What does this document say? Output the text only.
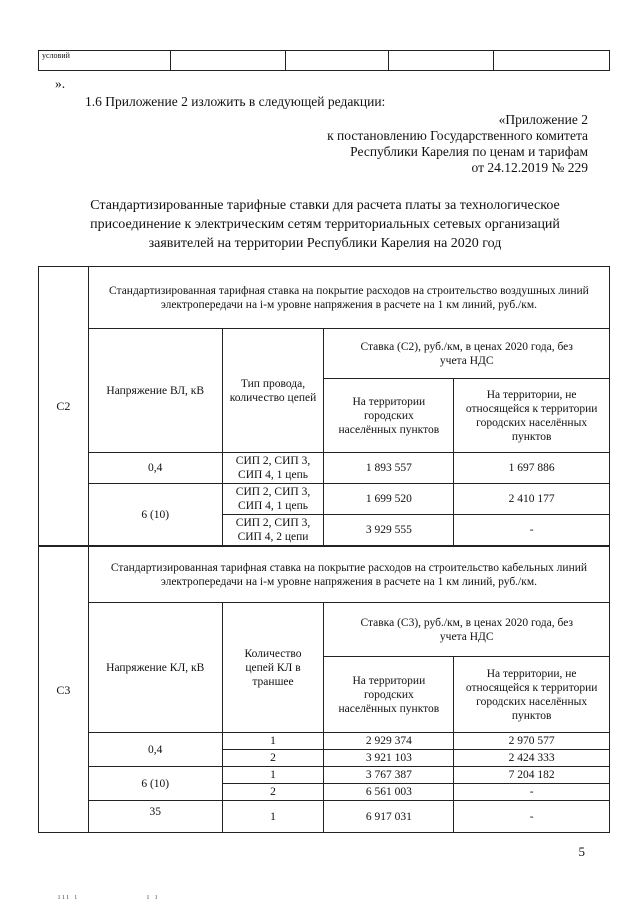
условий				
».
1.6 Приложение 2 изложить в следующей редакции:
«Приложение 2
к постановлению Государственного комитета
Республики Карелия по ценам и тарифам
от 24.12.2019 № 229
Стандартизированные тарифные ставки для расчета платы за технологическое
присоединение к электрическим сетям территориальных сетевых организаций
заявителей на территории Республики Карелия на 2020 год
С2	Стандартизированная тарифная ставка на покрытие расходов на строительство воздушных линий электропередачи на i-м уровне напряжения в расчете на 1 км линий, руб./км.			
	Напряжение ВЛ, кВ	Тип провода, количество цепей	Ставка (С2), руб./км, в ценах 2020 года, без учета НДС	
			На территории городских населённых пунктов	На территории, не относящейся к территории городских населённых пунктов
	0,4	СИП 2, СИП 3, СИП 4, 1 цепь	1 893 557	1 697 886
	6 (10)	СИП 2, СИП 3, СИП 4, 1 цепь	1 699 520	2 410 177
		СИП 2, СИП 3, СИП 4, 2 цепи	3 929 555	-
С3	Стандартизированная тарифная ставка на покрытие расходов на строительство кабельных линий электропередачи на i-м уровне напряжения в расчете на 1 км линий, руб./км.			
	Напряжение КЛ, кВ	Количество цепей КЛ в траншее	Ставка (С3), руб./км, в ценах 2020 года, без учета НДС	
			На территории городских населённых пунктов	На территории, не относящейся к территории городских населённых пунктов
	0,4	1	2 929 374	2 970 577
		2	3 921 103	2 424 333
	6 (10)	1	3 767 387	7 204 182
		2	6 561 003	-
	35	1	6 917 031	-
5
ııı ı                 ı ı
